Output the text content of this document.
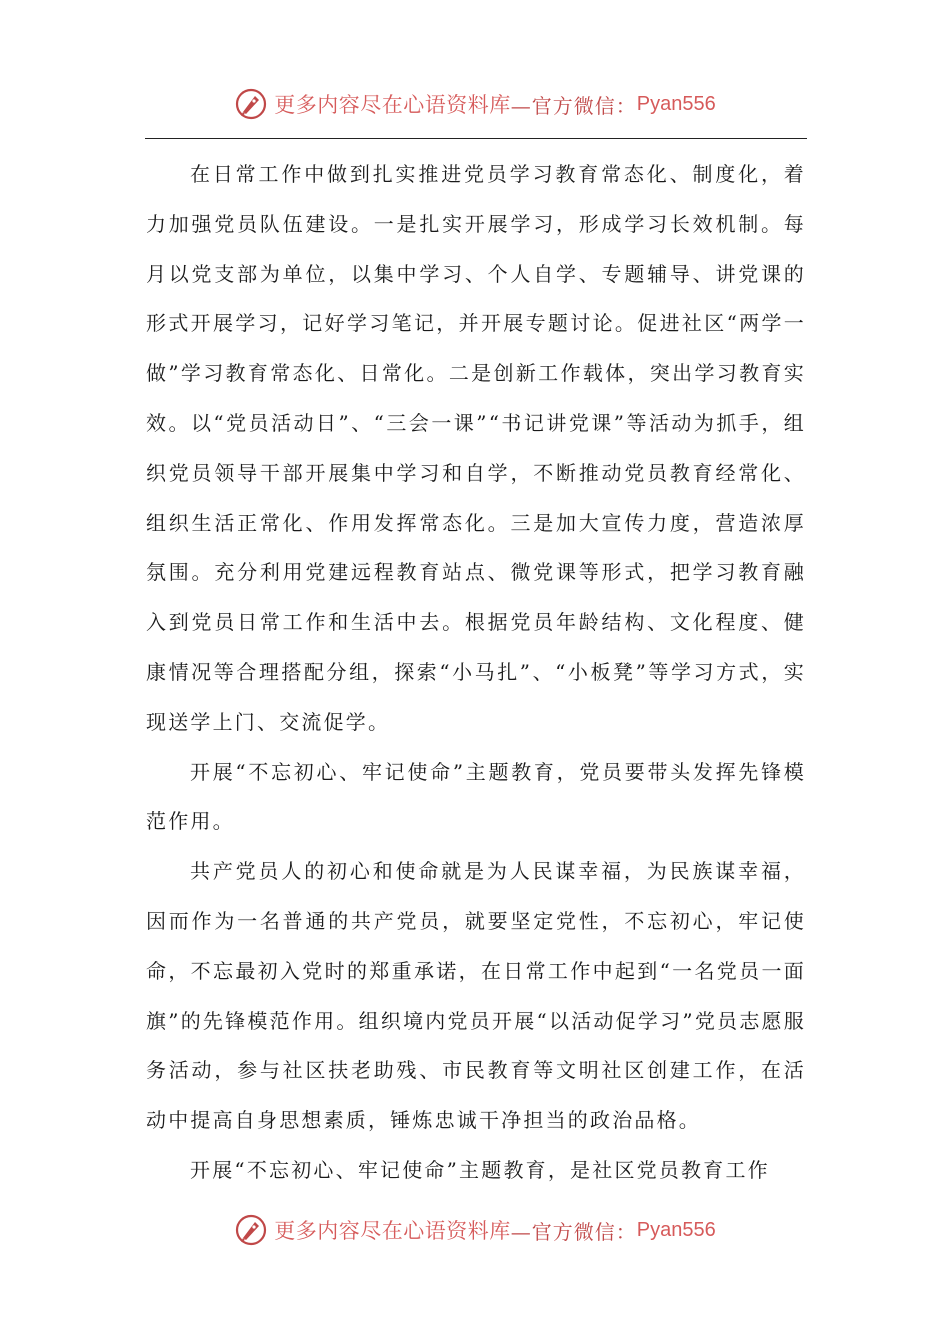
更多内容尽在心语资料库 —官方微信： Pyan556

在日常工作中做到扎实推进党员学习教育常态化、制度化，着力加强党员队伍建设。一是扎实开展学习，形成学习长效机制。每月以党支部为单位，以集中学习、个人自学、专题辅导、讲党课的形式开展学习，记好学习笔记，并开展专题讨论。促进社区“两学一做”学习教育常态化、日常化。二是创新工作载体，突出学习教育实效。以“党员活动日”、“三会一课”“书记讲党课”等活动为抓手，组织党员领导干部开展集中学习和自学，不断推动党员教育经常化、组织生活正常化、作用发挥常态化。三是加大宣传力度，营造浓厚氛围。充分利用党建远程教育站点、微党课等形式，把学习教育融入到党员日常工作和生活中去。根据党员年龄结构、文化程度、健康情况等合理搭配分组，探索“小马扎”、“小板凳”等学习方式，实现送学上门、交流促学。

开展“不忘初心、牢记使命”主题教育，党员要带头发挥先锋模范作用。

共产党员人的初心和使命就是为人民谋幸福，为民族谋幸福，因而作为一名普通的共产党员，就要坚定党性，不忘初心，牢记使命，不忘最初入党时的郑重承诺，在日常工作中起到“一名党员一面旗”的先锋模范作用。组织境内党员开展“以活动促学习”党员志愿服务活动，参与社区扶老助残、市民教育等文明社区创建工作，在活动中提高自身思想素质，锤炼忠诚干净担当的政治品格。

开展“不忘初心、牢记使命”主题教育，是社区党员教育工作

更多内容尽在心语资料库 —官方微信： Pyan556
